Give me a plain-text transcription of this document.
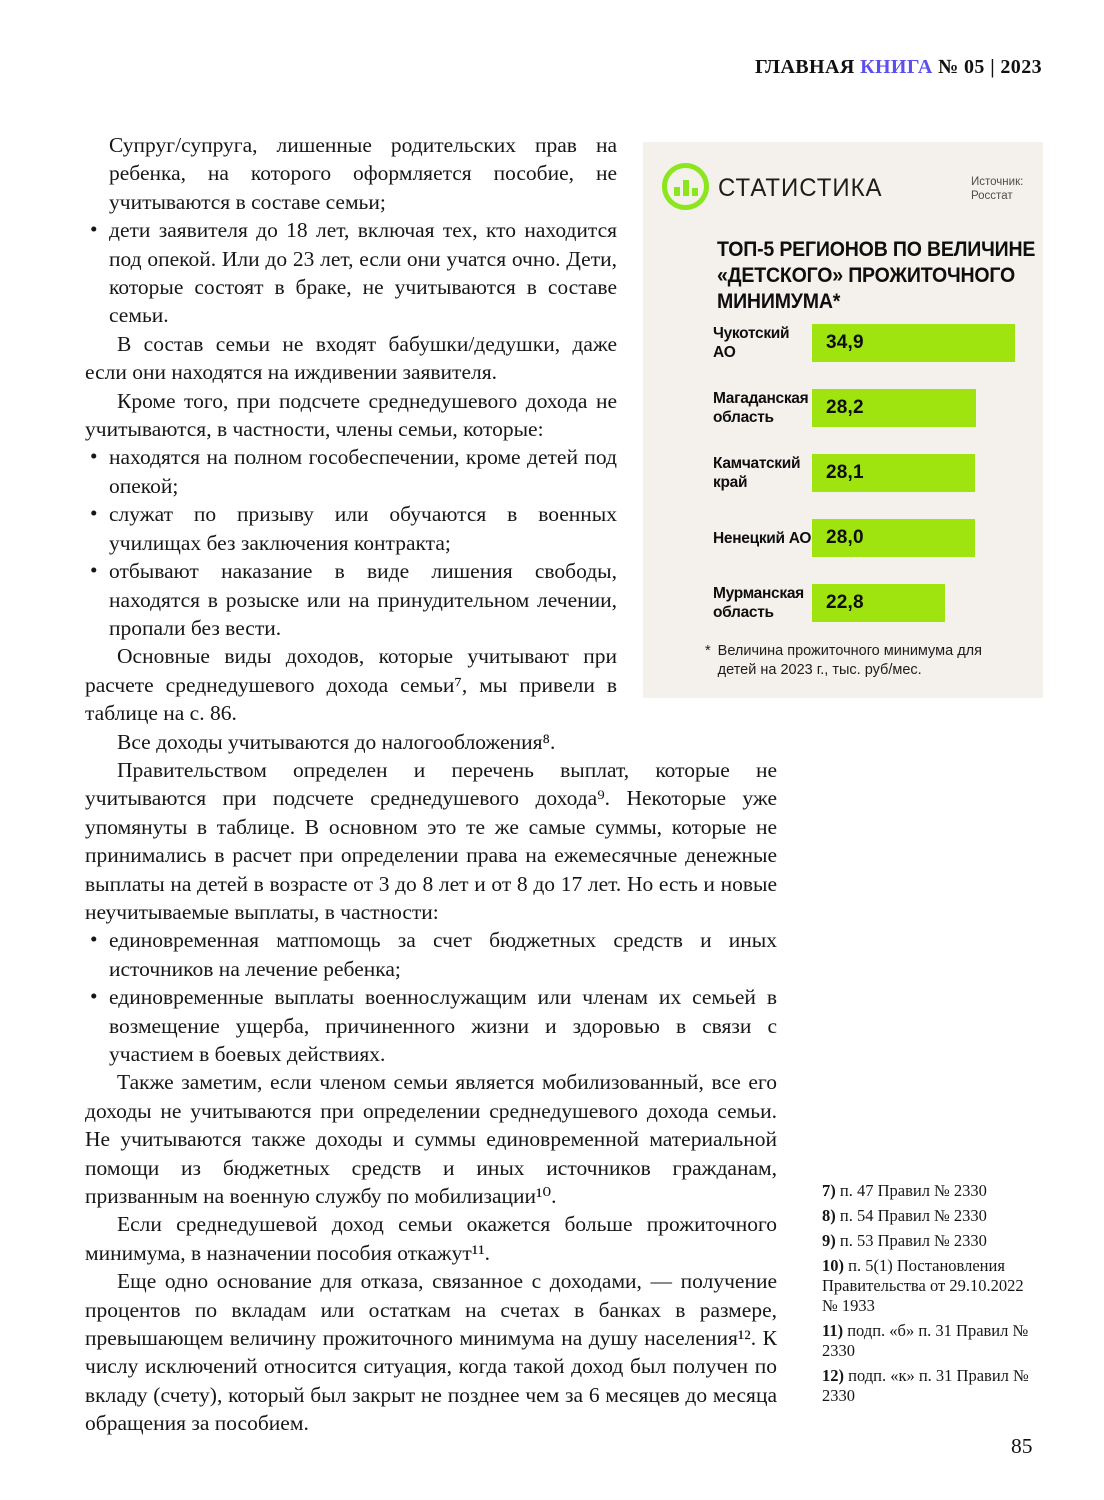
ГЛАВНАЯ КНИГА № 05 | 2023
Супруг/супруга, лишенные родительских прав на ребенка, на которого оформляется пособие, не учитываются в составе семьи;
• дети заявителя до 18 лет, включая тех, кто находится под опекой. Или до 23 лет, если они учатся очно. Дети, которые состоят в браке, не учитываются в составе семьи.
В состав семьи не входят бабушки/дедушки, даже если они находятся на иждивении заявителя.
Кроме того, при подсчете среднедушевого дохода не учитываются, в частности, члены семьи, которые:
• находятся на полном гособеспечении, кроме детей под опекой;
• служат по призыву или обучаются в военных училищах без заключения контракта;
• отбывают наказание в виде лишения свободы, находятся в розыске или на принудительном лечении, пропали без вести.
Основные виды доходов, которые учитывают при расчете среднедушевого дохода семьи⁷, мы привели в таблице на с. 86.
Все доходы учитываются до налогообложения⁸.
Правительством определен и перечень выплат, которые не учитываются при подсчете среднедушевого дохода⁹. Некоторые уже упомянуты в таблице. В основном это те же самые суммы, которые не принимались в расчет при определении права на ежемесячные денежные выплаты на детей в возрасте от 3 до 8 лет и от 8 до 17 лет. Но есть и новые неучитываемые выплаты, в частности:
• единовременная матпомощь за счет бюджетных средств и иных источников на лечение ребенка;
• единовременные выплаты военнослужащим или членам их семьей в возмещение ущерба, причиненного жизни и здоровью в связи с участием в боевых действиях.
Также заметим, если членом семьи является мобилизованный, все его доходы не учитываются при определении среднедушевого дохода семьи. Не учитываются также доходы и суммы единовременной материальной помощи из бюджетных средств и иных источников гражданам, призванным на военную службу по мобилизации¹⁰.
Если среднедушевой доход семьи окажется больше прожиточного минимума, в назначении пособия откажут¹¹.
Еще одно основание для отказа, связанное с доходами, — получение процентов по вкладам или остаткам на счетах в банках в размере, превышающем величину прожиточного минимума на душу населения¹². К числу исключений относится ситуация, когда такой доход был получен по вкладу (счету), который был закрыт не позднее чем за 6 месяцев до месяца обращения за пособием.
СТАТИСТИКА	Источник:
Росстат
ТОП-5 РЕГИОНОВ ПО ВЕЛИЧИНЕ
«ДЕТСКОГО» ПРОЖИТОЧНОГО
МИНИМУМА*
Чукотский АО	34,9
Магаданская область	28,2
Камчатский край	28,1
Ненецкий АО 28,0
Мурманская область	22,8
* Величина прожиточного минимума для детей на 2023 г., тыс. руб/мес.
7) п. 47 Правил № 2330
8) п. 54 Правил № 2330
9) п. 53 Правил № 2330
10) п. 5(1) Постановления Правительства от 29.10.2022 № 1933
11) подп. «б» п. 31 Правил № 2330
12) подп. «к» п. 31 Правил № 2330
85
